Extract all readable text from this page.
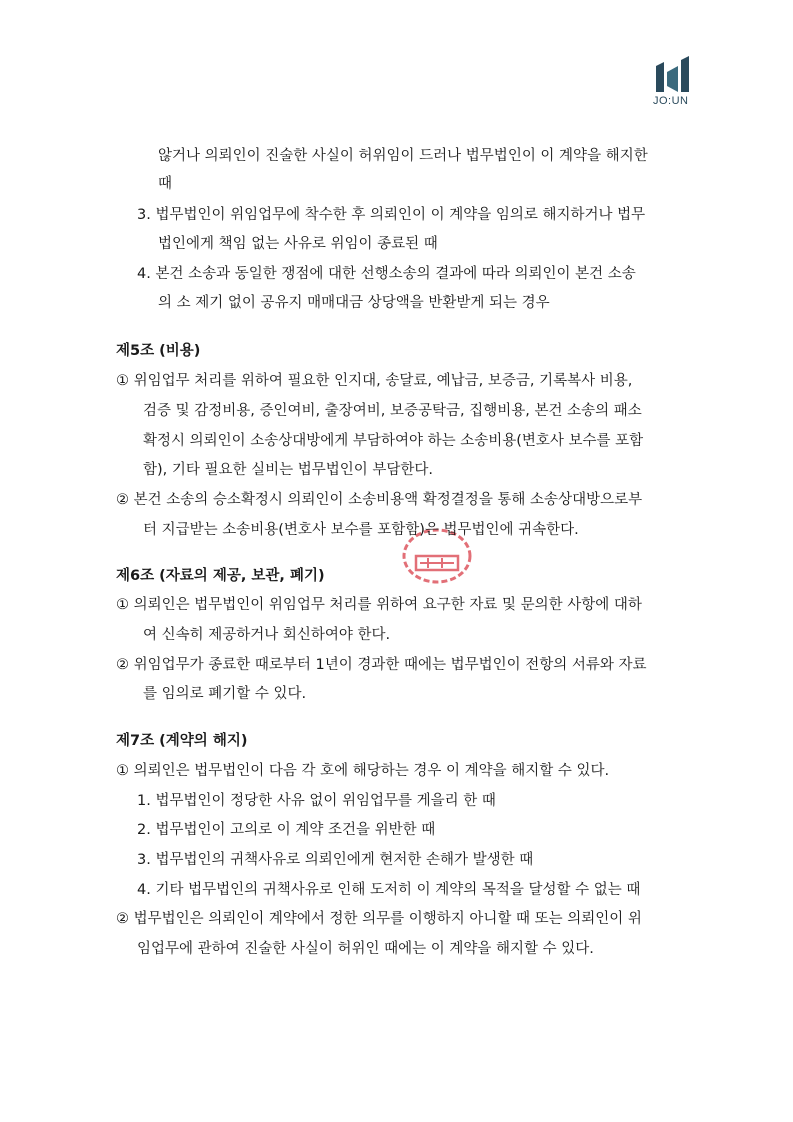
JO:UN
않거나 의뢰인이 진술한 사실이 허위임이 드러나 법무법인이 이 계약을 해지한
때
3. 법무법인이 위임업무에 착수한 후 의뢰인이 이 계약을 임의로 해지하거나 법무
법인에게 책임 없는 사유로 위임이 종료된 때
4. 본건 소송과 동일한 쟁점에 대한 선행소송의 결과에 따라 의뢰인이 본건 소송
의 소 제기 없이 공유지 매매대금 상당액을 반환받게 되는 경우
제5조 (비용)
① 위임업무 처리를 위하여 필요한 인지대, 송달료, 예납금, 보증금, 기록복사 비용,
검증 및 감정비용, 증인여비, 출장여비, 보증공탁금, 집행비용, 본건 소송의 패소
확정시 의뢰인이 소송상대방에게 부담하여야 하는 소송비용(변호사 보수를 포함
함), 기타 필요한 실비는 법무법인이 부담한다.
② 본건 소송의 승소확정시 의뢰인이 소송비용액 확정결정을 통해 소송상대방으로부
터 지급받는 소송비용(변호사 보수를 포함함)은 법무법인에 귀속한다.
제6조 (자료의 제공, 보관, 폐기)
① 의뢰인은 법무법인이 위임업무 처리를 위하여 요구한 자료 및 문의한 사항에 대하
여 신속히 제공하거나 회신하여야 한다.
② 위임업무가 종료한 때로부터 1년이 경과한 때에는 법무법인이 전항의 서류와 자료
를 임의로 폐기할 수 있다.
제7조 (계약의 해지)
① 의뢰인은 법무법인이 다음 각 호에 해당하는 경우 이 계약을 해지할 수 있다.
1. 법무법인이 정당한 사유 없이 위임업무를 게을리 한 때
2. 법무법인이 고의로 이 계약 조건을 위반한 때
3. 법무법인의 귀책사유로 의뢰인에게 현저한 손해가 발생한 때
4. 기타 법무법인의 귀책사유로 인해 도저히 이 계약의 목적을 달성할 수 없는 때
② 법무법인은 의뢰인이 계약에서 정한 의무를 이행하지 아니할 때 또는 의뢰인이 위
임업무에 관하여 진술한 사실이 허위인 때에는 이 계약을 해지할 수 있다.
